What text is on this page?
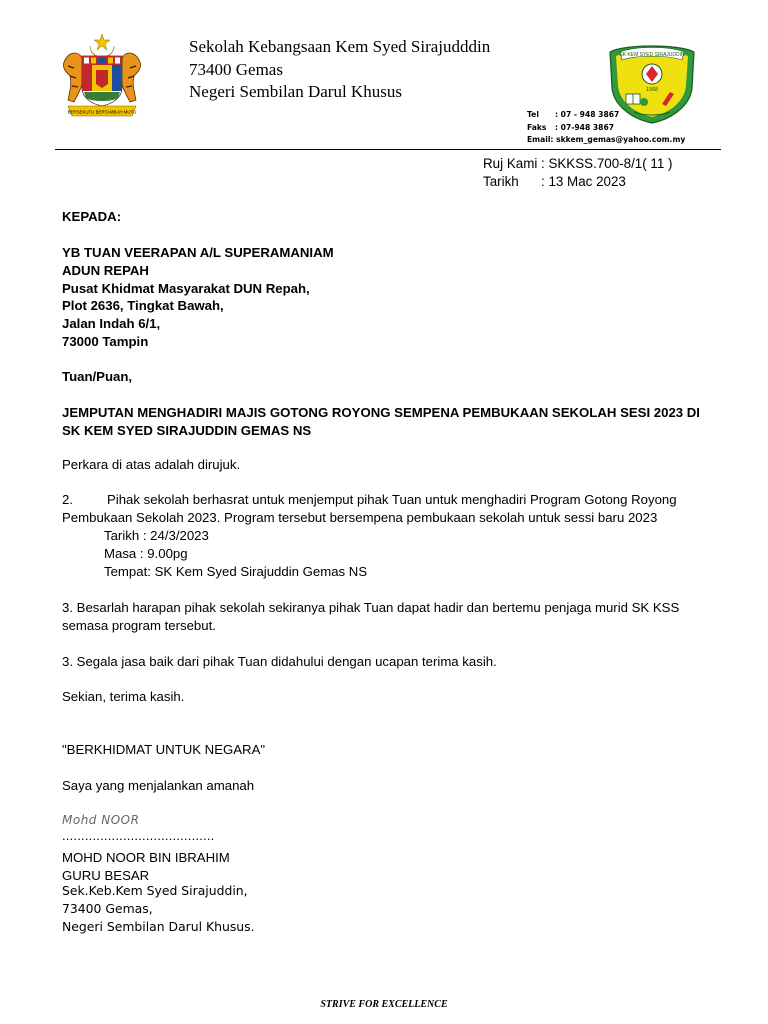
BERSEKUTU BERTAMBAH MUTU
Sekolah Kebangsaan Kem Syed Sirajudddin
73400 Gemas
Negeri Sembilan Darul Khusus
SK KEM SYED SIRAJUDDIN
1968
Tel : 07 - 948 3867
Faks : 07-948 3867
Email: skkem_gemas@yahoo.com.my
Ruj Kami : SKKSS.700-8/1( 11 )
Tarikh : 13 Mac 2023
KEPADA:
YB TUAN VEERAPAN A/L SUPERAMANIAM
ADUN REPAH
Pusat Khidmat Masyarakat DUN Repah,
Plot 2636, Tingkat Bawah,
Jalan Indah 6/1,
73000 Tampin
Tuan/Puan,
JEMPUTAN MENGHADIRI MAJIS GOTONG ROYONG SEMPENA PEMBUKAAN SEKOLAH SESI 2023 DI
SK KEM SYED SIRAJUDDIN GEMAS NS
Perkara di atas adalah dirujuk.
2.	Pihak sekolah berhasrat untuk menjemput pihak Tuan untuk menghadiri Program Gotong Royong
Pembukaan Sekolah 2023. Program tersebut bersempena pembukaan sekolah untuk sessi baru 2023
Tarikh : 24/3/2023
Masa : 9.00pg
Tempat: SK Kem Syed Sirajuddin Gemas NS
3. Besarlah harapan pihak sekolah sekiranya pihak Tuan dapat hadir dan bertemu penjaga murid SK KSS
semasa program tersebut.
3. Segala jasa baik dari pihak Tuan didahului dengan ucapan terima kasih.
Sekian, terima kasih.
"BERKHIDMAT UNTUK NEGARA"
Saya yang menjalankan amanah
Mohd NOOR
........................................
MOHD NOOR BIN IBRAHIM
GURU BESAR
Sek.Keb.Kem Syed Sirajuddin,
73400 Gemas,
Negeri Sembilan Darul Khusus.
STRIVE FOR EXCELLENCE
